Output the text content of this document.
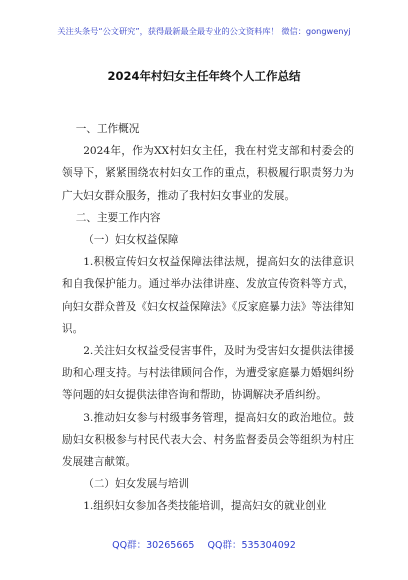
关注头条号“公文研究”，获得最新最全最专业的公文资料库！ 微信：gongwenyj
2024年村妇女主任年终个人工作总结

一、工作概况

2024年，作为XX村妇女主任，我在村党支部和村委会的领导下，紧紧围绕农村妇女工作的重点，积极履行职责努力为广大妇女群众服务，推动了我村妇女事业的发展。

二、主要工作内容

（一）妇女权益保障

1.积极宣传妇女权益保障法律法规，提高妇女的法律意识和自我保护能力。通过举办法律讲座、发放宣传资料等方式，向妇女群众普及《妇女权益保障法》《反家庭暴力法》等法律知识。

2.关注妇女权益受侵害事件，及时为受害妇女提供法律援助和心理支持。与村法律顾问合作，为遭受家庭暴力婚姻纠纷等问题的妇女提供法律咨询和帮助，协调解决矛盾纠纷。

3.推动妇女参与村级事务管理，提高妇女的政治地位。鼓励妇女积极参与村民代表大会、村务监督委员会等组织为村庄发展建言献策。

（二）妇女发展与培训

1.组织妇女参加各类技能培训，提高妇女的就业创业

QQ群：30265665 QQ群：535304092
